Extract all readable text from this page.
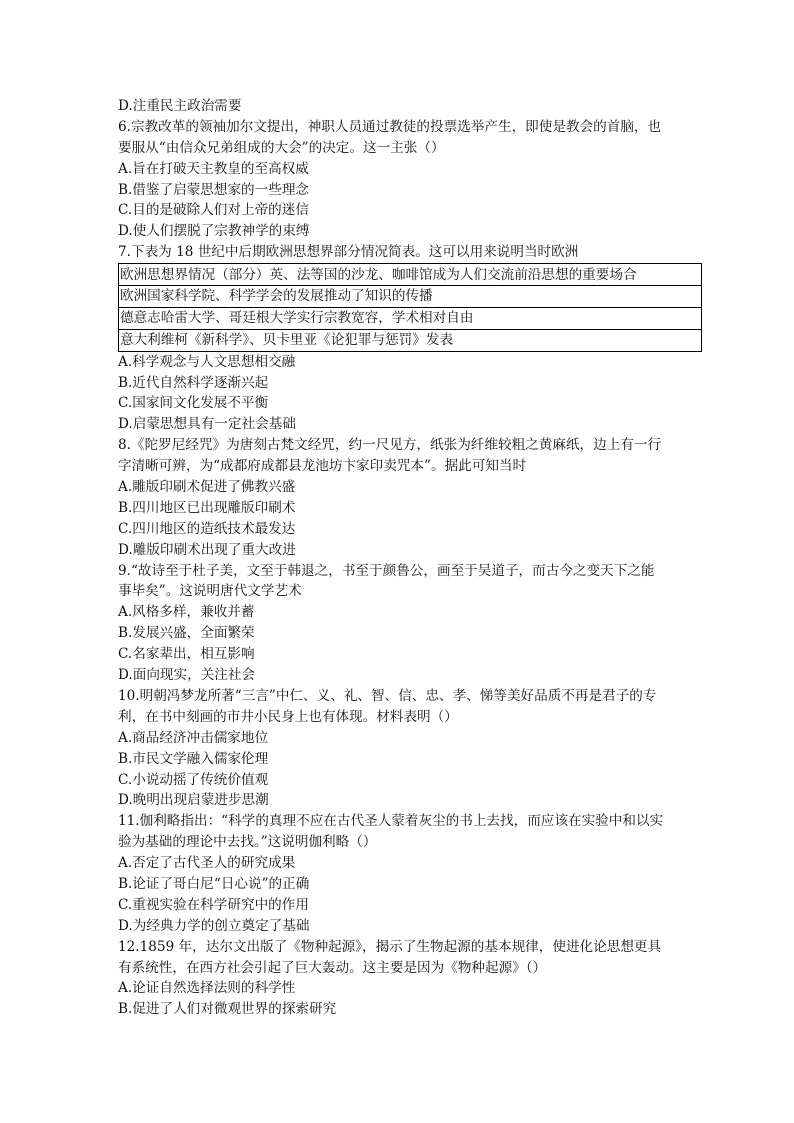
D.注重民主政治需要
6.宗教改革的领袖加尔文提出，神职人员通过教徒的投票选举产生，即使是教会的首脑，也
要服从“由信众兄弟组成的大会”的决定。这一主张（）
A.旨在打破天主教皇的至高权威
B.借鉴了启蒙思想家的一些理念
C.目的是破除人们对上帝的迷信
D.使人们摆脱了宗教神学的束缚
7.下表为 18 世纪中后期欧洲思想界部分情况简表。这可以用来说明当时欧洲
欧洲思想界情况（部分）英、法等国的沙龙、咖啡馆成为人们交流前沿思想的重要场合
欧洲国家科学院、科学学会的发展推动了知识的传播
德意志哈雷大学、哥廷根大学实行宗教宽容，学术相对自由
意大利维柯《新科学》、贝卡里亚《论犯罪与惩罚》发表
A.科学观念与人文思想相交融
B.近代自然科学逐渐兴起
C.国家间文化发展不平衡
D.启蒙思想具有一定社会基础
8.《陀罗尼经咒》为唐刻古梵文经咒，约一尺见方，纸张为纤维较粗之黄麻纸，边上有一行
字清晰可辨，为“成都府成都县龙池坊卞家印卖咒本”。据此可知当时
A.雕版印刷术促进了佛教兴盛
B.四川地区已出现雕版印刷术
C.四川地区的造纸技术最发达
D.雕版印刷术出现了重大改进
9.“故诗至于杜子美，文至于韩退之，书至于颜鲁公，画至于吴道子，而古今之变天下之能
事毕矣”。这说明唐代文学艺术
A.风格多样，兼收并蓄
B.发展兴盛，全面繁荣
C.名家辈出，相互影响
D.面向现实，关注社会
10.明朝冯梦龙所著“三言”中仁、义、礼、智、信、忠、孝、悌等美好品质不再是君子的专
利，在书中刻画的市井小民身上也有体现。材料表明（）
A.商品经济冲击儒家地位
B.市民文学融入儒家伦理
C.小说动摇了传统价值观
D.晚明出现启蒙进步思潮
11.伽利略指出：“科学的真理不应在古代圣人蒙着灰尘的书上去找，而应该在实验中和以实
验为基础的理论中去找。”这说明伽利略（）
A.否定了古代圣人的研究成果
B.论证了哥白尼“日心说”的正确
C.重视实验在科学研究中的作用
D.为经典力学的创立奠定了基础
12.1859 年，达尔文出版了《物种起源》，揭示了生物起源的基本规律，使进化论思想更具
有系统性，在西方社会引起了巨大轰动。这主要是因为《物种起源》（）
A.论证自然选择法则的科学性
B.促进了人们对微观世界的探索研究
